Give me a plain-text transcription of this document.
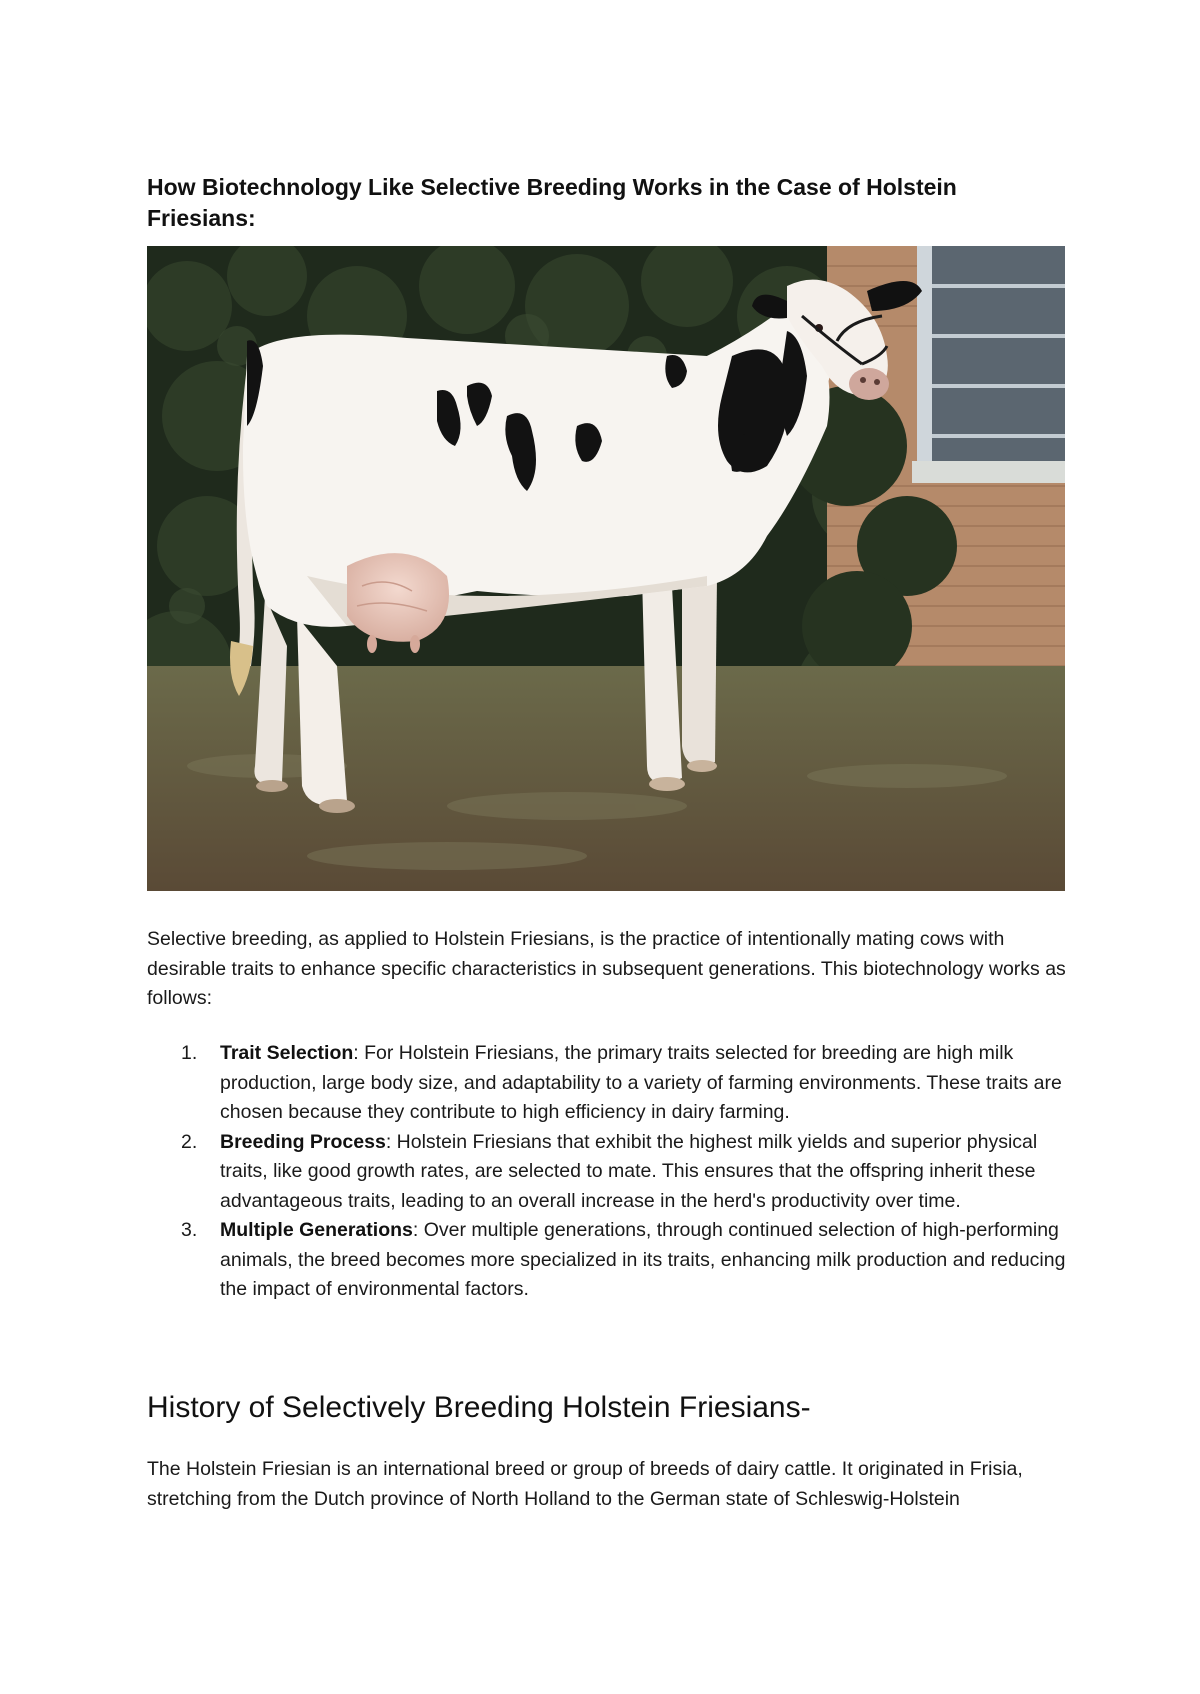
How Biotechnology Like Selective Breeding Works in the Case of Holstein Friesians:

Selective breeding, as applied to Holstein Friesians, is the practice of intentionally mating cows with desirable traits to enhance specific characteristics in subsequent generations. This biotechnology works as follows:

1. Trait Selection: For Holstein Friesians, the primary traits selected for breeding are high milk production, large body size, and adaptability to a variety of farming environments. These traits are chosen because they contribute to high efficiency in dairy farming.
2. Breeding Process: Holstein Friesians that exhibit the highest milk yields and superior physical traits, like good growth rates, are selected to mate. This ensures that the offspring inherit these advantageous traits, leading to an overall increase in the herd's productivity over time.
3. Multiple Generations: Over multiple generations, through continued selection of high-performing animals, the breed becomes more specialized in its traits, enhancing milk production and reducing the impact of environmental factors.
History of Selectively Breeding Holstein Friesians-

The Holstein Friesian is an international breed or group of breeds of dairy cattle. It originated in Frisia, stretching from the Dutch province of North Holland to the German state of Schleswig-Holstein
